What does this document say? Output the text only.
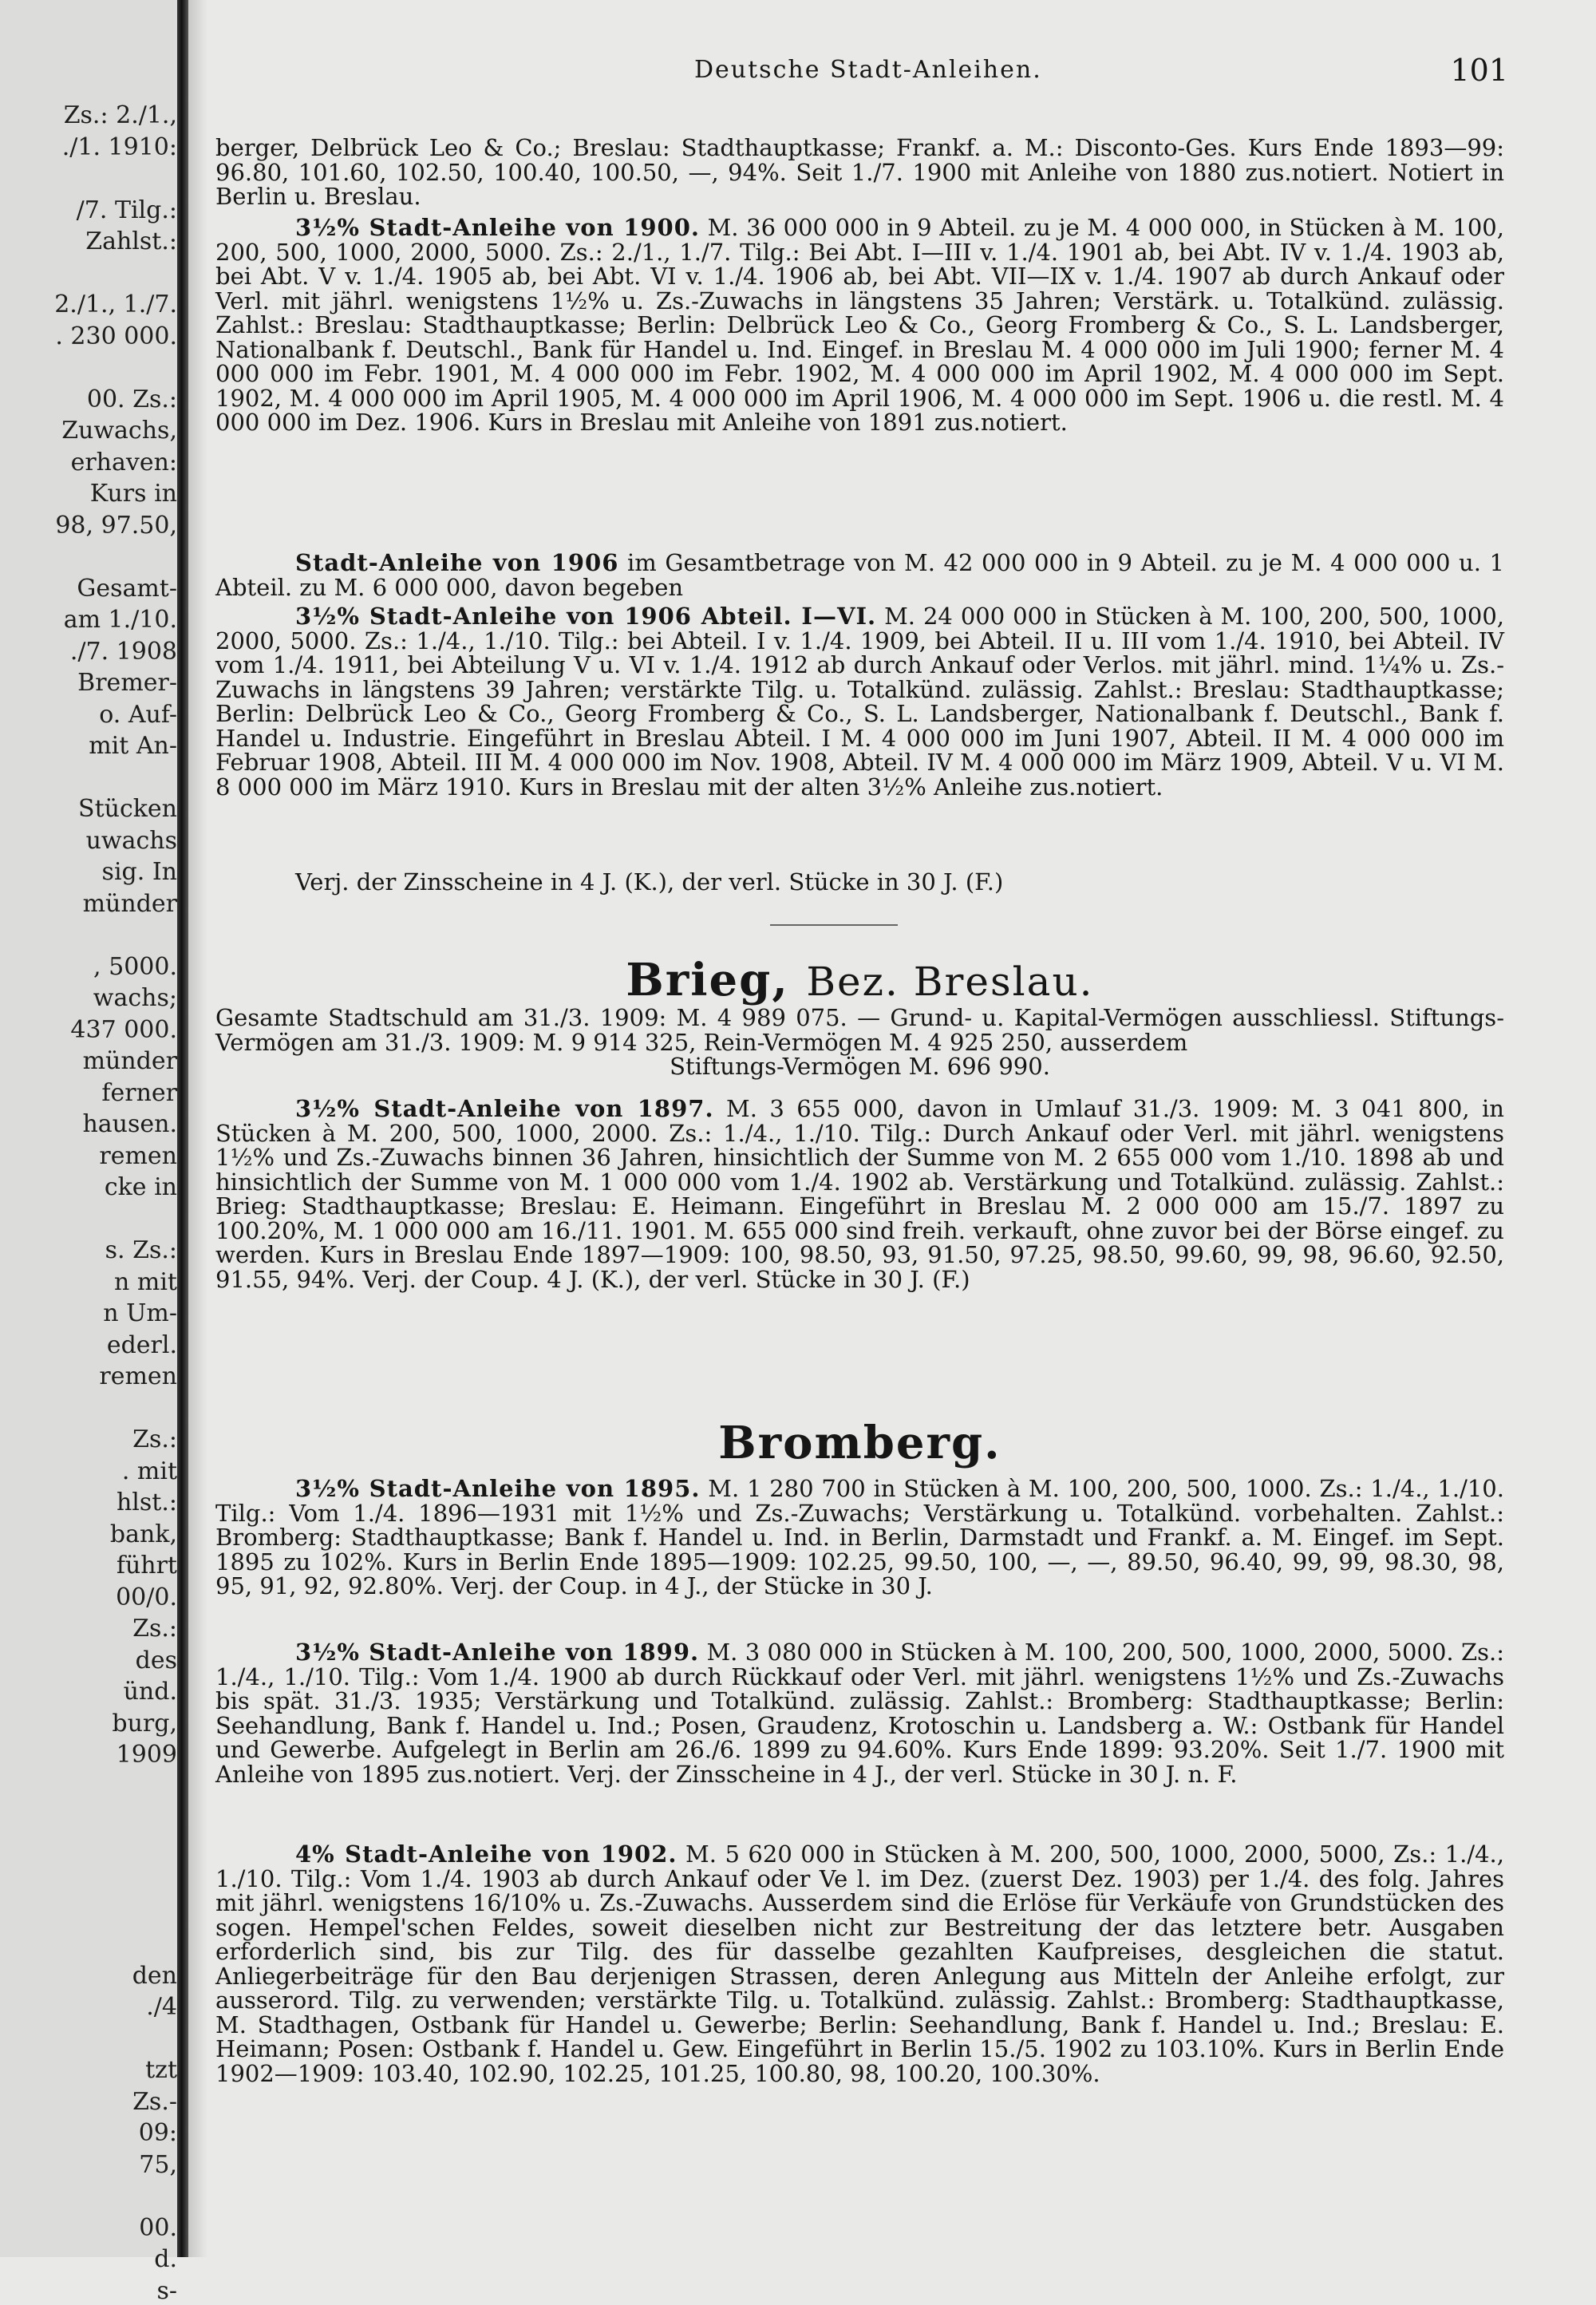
Zs.: 2./1.,
./1. 1910:
/7. Tilg.:
Zahlst.:
2./1., 1./7.
. 230 000.
00. Zs.:
Zuwachs,
erhaven:
Kurs in
98, 97.50,
Gesamt-
am 1./10.
./7. 1908
Bremer-
o. Auf-
mit An-
Stücken
uwachs
sig. In
münder
, 5000.
wachs;
437 000.
münder
ferner
hausen.
remen
cke in
s. Zs.:
n mit
n Um-
ederl.
remen
Zs.:
. mit
hlst.:
bank,
führt
00/0.
Zs.:
des
ünd.
burg,
1909
den
./4
tzt
Zs.-
09:
75,
00.
d.
s-
Deutsche Stadt-Anleihen.	101

berger, Delbrück Leo & Co.; Breslau: Stadthauptkasse; Frankf. a. M.: Disconto-Ges. Kurs Ende 1893—99: 96.80, 101.60, 102.50, 100.40, 100.50, —, 94%. Seit 1./7. 1900 mit Anleihe von 1880 zus.notiert. Notiert in Berlin u. Breslau.

3½% Stadt-Anleihe von 1900. M. 36 000 000 in 9 Abteil. zu je M. 4 000 000, in Stücken à M. 100, 200, 500, 1000, 2000, 5000. Zs.: 2./1., 1./7. Tilg.: Bei Abt. I—III v. 1./4. 1901 ab, bei Abt. IV v. 1./4. 1903 ab, bei Abt. V v. 1./4. 1905 ab, bei Abt. VI v. 1./4. 1906 ab, bei Abt. VII—IX v. 1./4. 1907 ab durch Ankauf oder Verl. mit jährl. wenigstens 1½% u. Zs.-Zuwachs in längstens 35 Jahren; Verstärk. u. Totalkünd. zulässig. Zahlst.: Breslau: Stadthauptkasse; Berlin: Delbrück Leo & Co., Georg Fromberg & Co., S. L. Landsberger, Nationalbank f. Deutschl., Bank für Handel u. Ind. Eingef. in Breslau M. 4 000 000 im Juli 1900; ferner M. 4 000 000 im Febr. 1901, M. 4 000 000 im Febr. 1902, M. 4 000 000 im April 1902, M. 4 000 000 im Sept. 1902, M. 4 000 000 im April 1905, M. 4 000 000 im April 1906, M. 4 000 000 im Sept. 1906 u. die restl. M. 4 000 000 im Dez. 1906. Kurs in Breslau mit Anleihe von 1891 zus.notiert.

Stadt-Anleihe von 1906 im Gesamtbetrage von M. 42 000 000 in 9 Abteil. zu je M. 4 000 000 u. 1 Abteil. zu M. 6 000 000, davon begeben

3½% Stadt-Anleihe von 1906 Abteil. I—VI. M. 24 000 000 in Stücken à M. 100, 200, 500, 1000, 2000, 5000. Zs.: 1./4., 1./10. Tilg.: bei Abteil. I v. 1./4. 1909, bei Abteil. II u. III vom 1./4. 1910, bei Abteil. IV vom 1./4. 1911, bei Abteilung V u. VI v. 1./4. 1912 ab durch Ankauf oder Verlos. mit jährl. mind. 1¼% u. Zs.-Zuwachs in längstens 39 Jahren; verstärkte Tilg. u. Totalkünd. zulässig. Zahlst.: Breslau: Stadthauptkasse; Berlin: Delbrück Leo & Co., Georg Fromberg & Co., S. L. Landsberger, Nationalbank f. Deutschl., Bank f. Handel u. Industrie. Eingeführt in Breslau Abteil. I M. 4 000 000 im Juni 1907, Abteil. II M. 4 000 000 im Februar 1908, Abteil. III M. 4 000 000 im Nov. 1908, Abteil. IV M. 4 000 000 im März 1909, Abteil. V u. VI M. 8 000 000 im März 1910. Kurs in Breslau mit der alten 3½% Anleihe zus.notiert.

Verj. der Zinsscheine in 4 J. (K.), der verl. Stücke in 30 J. (F.)

Brieg, Bez. Breslau.

Gesamte Stadtschuld am 31./3. 1909: M. 4 989 075. — Grund- u. Kapital-Vermögen ausschliessl. Stiftungs-Vermögen am 31./3. 1909: M. 9 914 325, Rein-Vermögen M. 4 925 250, ausserdem

Stiftungs-Vermögen M. 696 990.

3½% Stadt-Anleihe von 1897. M. 3 655 000, davon in Umlauf 31./3. 1909: M. 3 041 800, in Stücken à M. 200, 500, 1000, 2000. Zs.: 1./4., 1./10. Tilg.: Durch Ankauf oder Verl. mit jährl. wenigstens 1½% und Zs.-Zuwachs binnen 36 Jahren, hinsichtlich der Summe von M. 2 655 000 vom 1./10. 1898 ab und hinsichtlich der Summe von M. 1 000 000 vom 1./4. 1902 ab. Verstärkung und Totalkünd. zulässig. Zahlst.: Brieg: Stadthauptkasse; Breslau: E. Heimann. Eingeführt in Breslau M. 2 000 000 am 15./7. 1897 zu 100.20%, M. 1 000 000 am 16./11. 1901. M. 655 000 sind freih. verkauft, ohne zuvor bei der Börse eingef. zu werden. Kurs in Breslau Ende 1897—1909: 100, 98.50, 93, 91.50, 97.25, 98.50, 99.60, 99, 98, 96.60, 92.50, 91.55, 94%. Verj. der Coup. 4 J. (K.), der verl. Stücke in 30 J. (F.)

Bromberg.

3½% Stadt-Anleihe von 1895. M. 1 280 700 in Stücken à M. 100, 200, 500, 1000. Zs.: 1./4., 1./10. Tilg.: Vom 1./4. 1896—1931 mit 1½% und Zs.-Zuwachs; Verstärkung u. Totalkünd. vorbehalten. Zahlst.: Bromberg: Stadthauptkasse; Bank f. Handel u. Ind. in Berlin, Darmstadt und Frankf. a. M. Eingef. im Sept. 1895 zu 102%. Kurs in Berlin Ende 1895—1909: 102.25, 99.50, 100, —, —, 89.50, 96.40, 99, 99, 98.30, 98, 95, 91, 92, 92.80%. Verj. der Coup. in 4 J., der Stücke in 30 J.

3½% Stadt-Anleihe von 1899. M. 3 080 000 in Stücken à M. 100, 200, 500, 1000, 2000, 5000. Zs.: 1./4., 1./10. Tilg.: Vom 1./4. 1900 ab durch Rückkauf oder Verl. mit jährl. wenigstens 1½% und Zs.-Zuwachs bis spät. 31./3. 1935; Verstärkung und Totalkünd. zulässig. Zahlst.: Bromberg: Stadthauptkasse; Berlin: Seehandlung, Bank f. Handel u. Ind.; Posen, Graudenz, Krotoschin u. Landsberg a. W.: Ostbank für Handel und Gewerbe. Aufgelegt in Berlin am 26./6. 1899 zu 94.60%. Kurs Ende 1899: 93.20%. Seit 1./7. 1900 mit Anleihe von 1895 zus.notiert. Verj. der Zinsscheine in 4 J., der verl. Stücke in 30 J. n. F.

4% Stadt-Anleihe von 1902. M. 5 620 000 in Stücken à M. 200, 500, 1000, 2000, 5000, Zs.: 1./4., 1./10. Tilg.: Vom 1./4. 1903 ab durch Ankauf oder Ve l. im Dez. (zuerst Dez. 1903) per 1./4. des folg. Jahres mit jährl. wenigstens 16/10% u. Zs.-Zuwachs. Ausserdem sind die Erlöse für Verkäufe von Grundstücken des sogen. Hempel'schen Feldes, soweit dieselben nicht zur Bestreitung der das letztere betr. Ausgaben erforderlich sind, bis zur Tilg. des für dasselbe gezahlten Kaufpreises, desgleichen die statut. Anliegerbeiträge für den Bau derjenigen Strassen, deren Anlegung aus Mitteln der Anleihe erfolgt, zur ausserord. Tilg. zu verwenden; verstärkte Tilg. u. Totalkünd. zulässig. Zahlst.: Bromberg: Stadthauptkasse, M. Stadthagen, Ostbank für Handel u. Gewerbe; Berlin: Seehandlung, Bank f. Handel u. Ind.; Breslau: E. Heimann; Posen: Ostbank f. Handel u. Gew. Eingeführt in Berlin 15./5. 1902 zu 103.10%. Kurs in Berlin Ende 1902—1909: 103.40, 102.90, 102.25, 101.25, 100.80, 98, 100.20, 100.30%.
